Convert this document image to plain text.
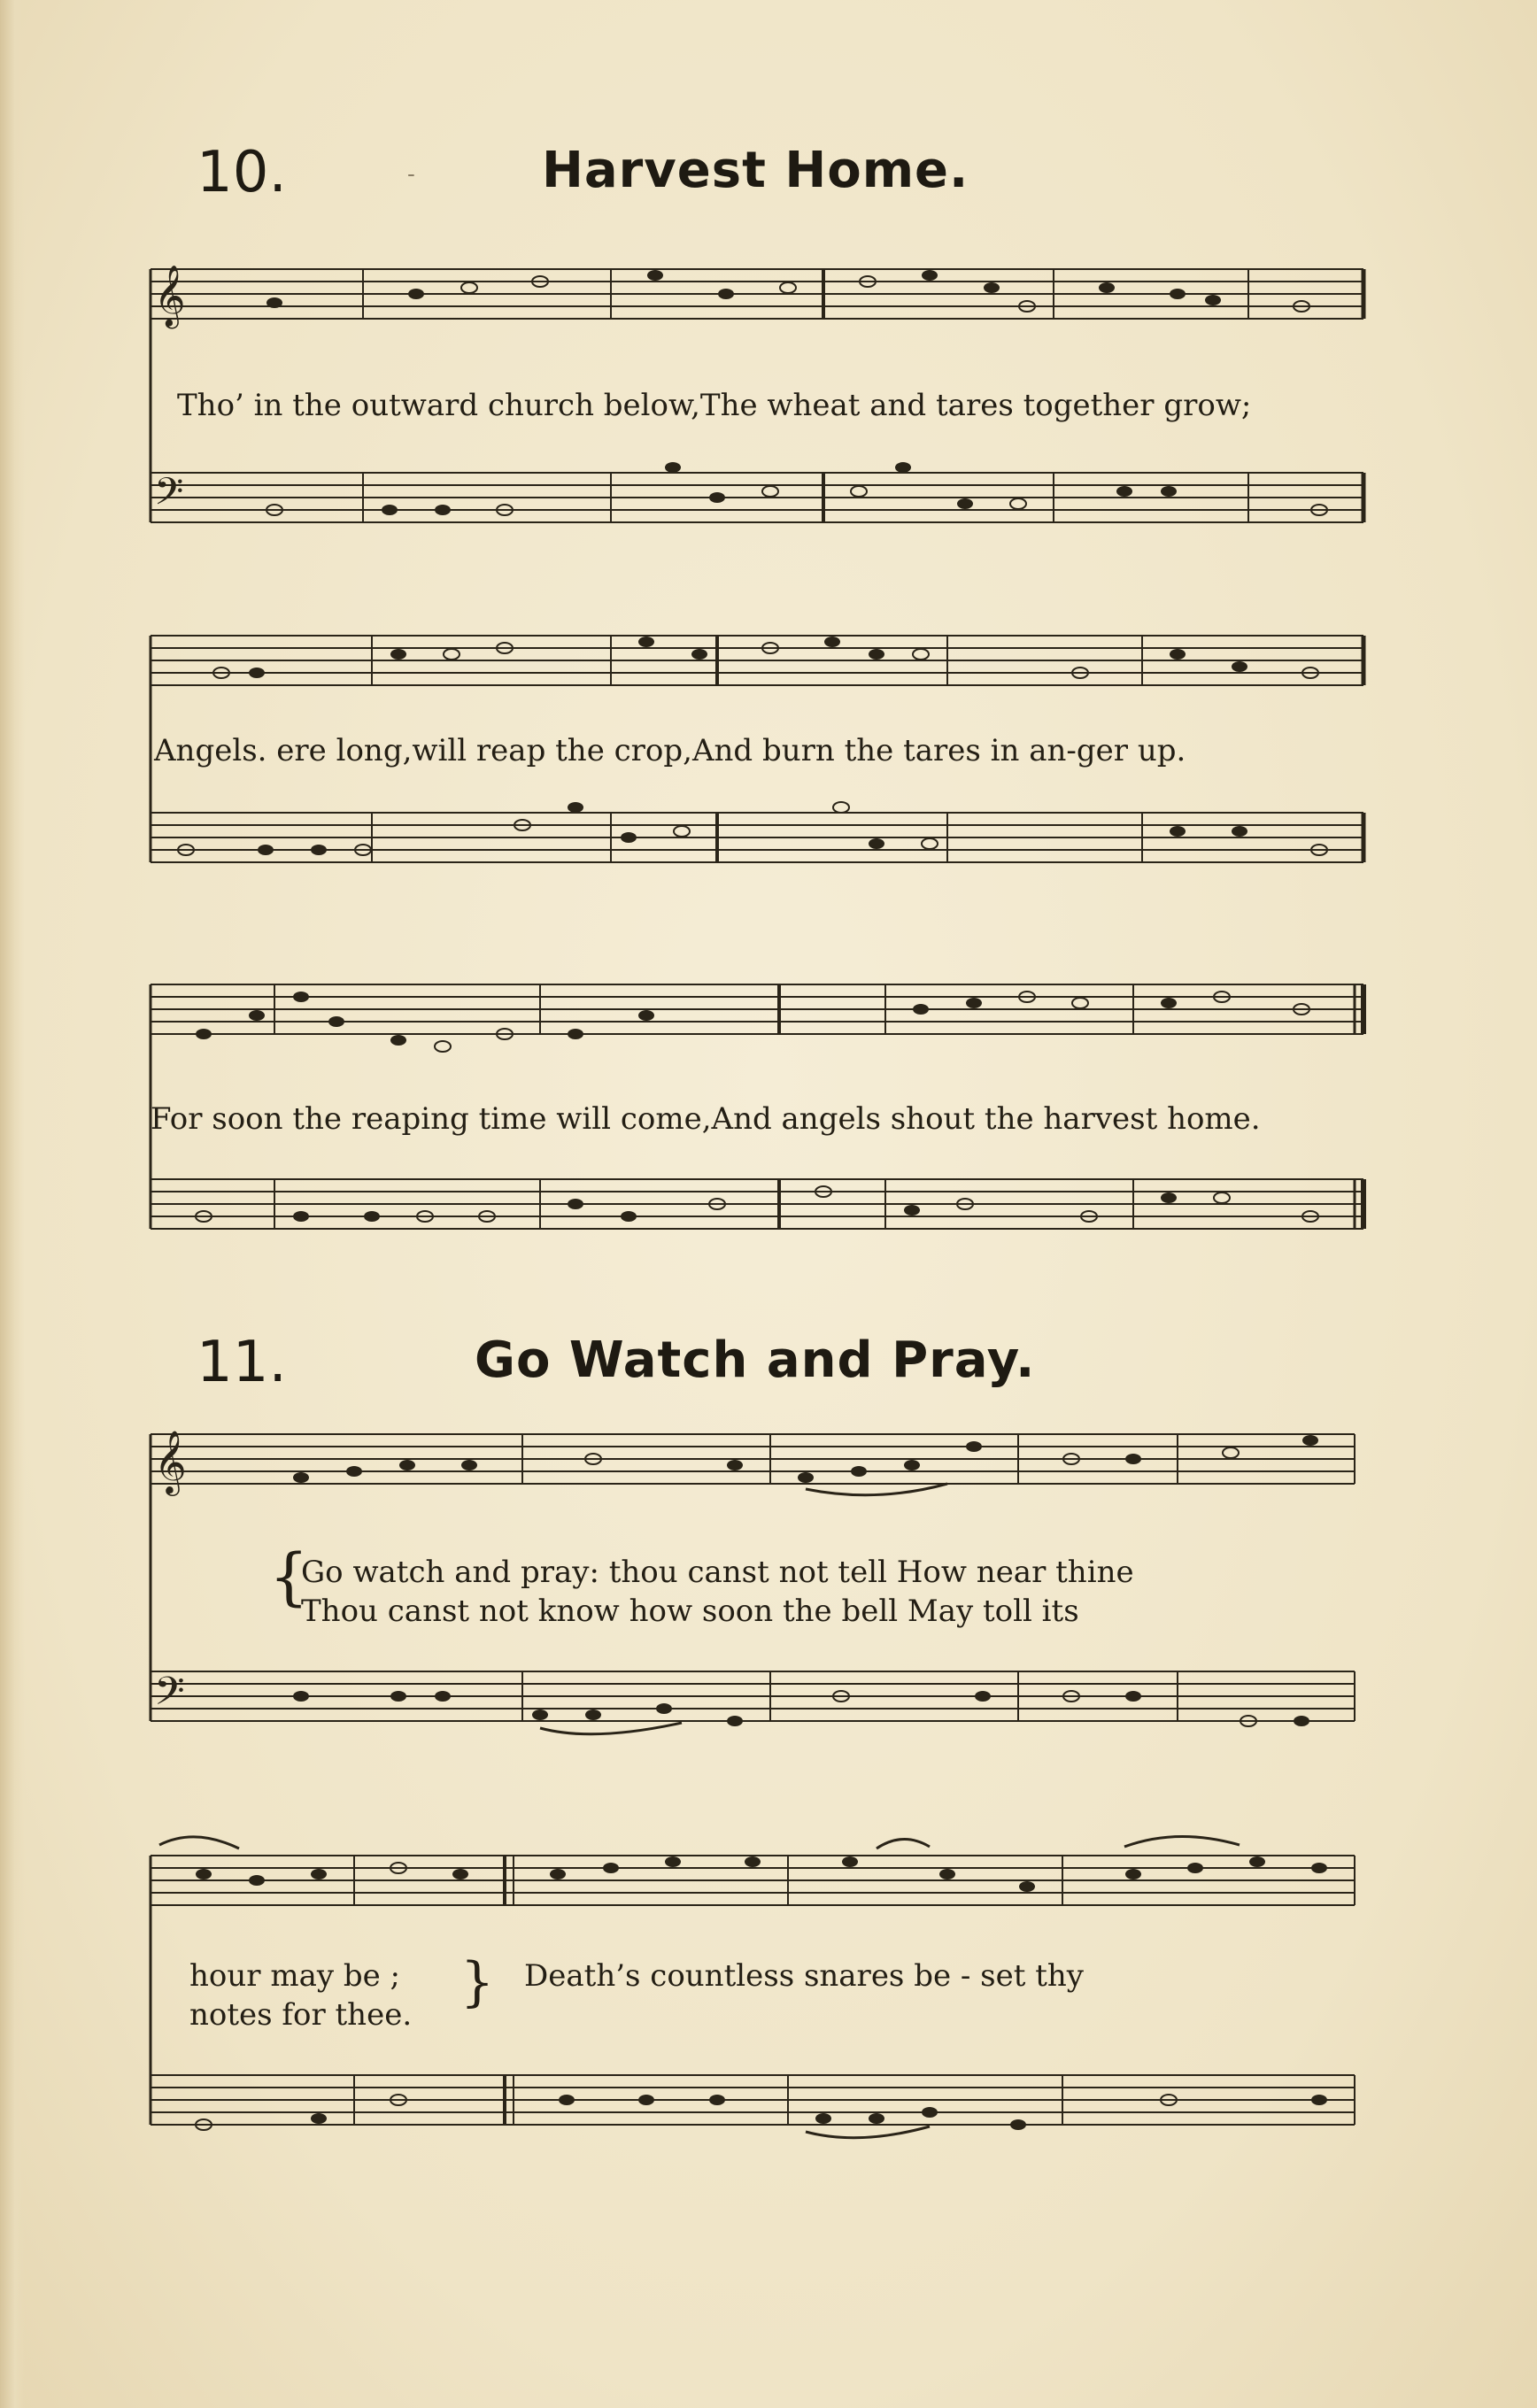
10.	-	Harvest Home.
𝄞
𝄢
Tho’ in the outward church below,The wheat and tares together grow;
Angels. ere long,will reap the crop,And burn the tares in an-ger up.
For soon the reaping time will come,And angels shout the harvest home.
11.	Go Watch and Pray.
𝄞
𝄢
{
Go watch and pray: thou canst not tell How near thine
Thou canst not know how soon the bell May toll its
hour may be ;
notes for thee.
} Death’s countless snares be - set thy
